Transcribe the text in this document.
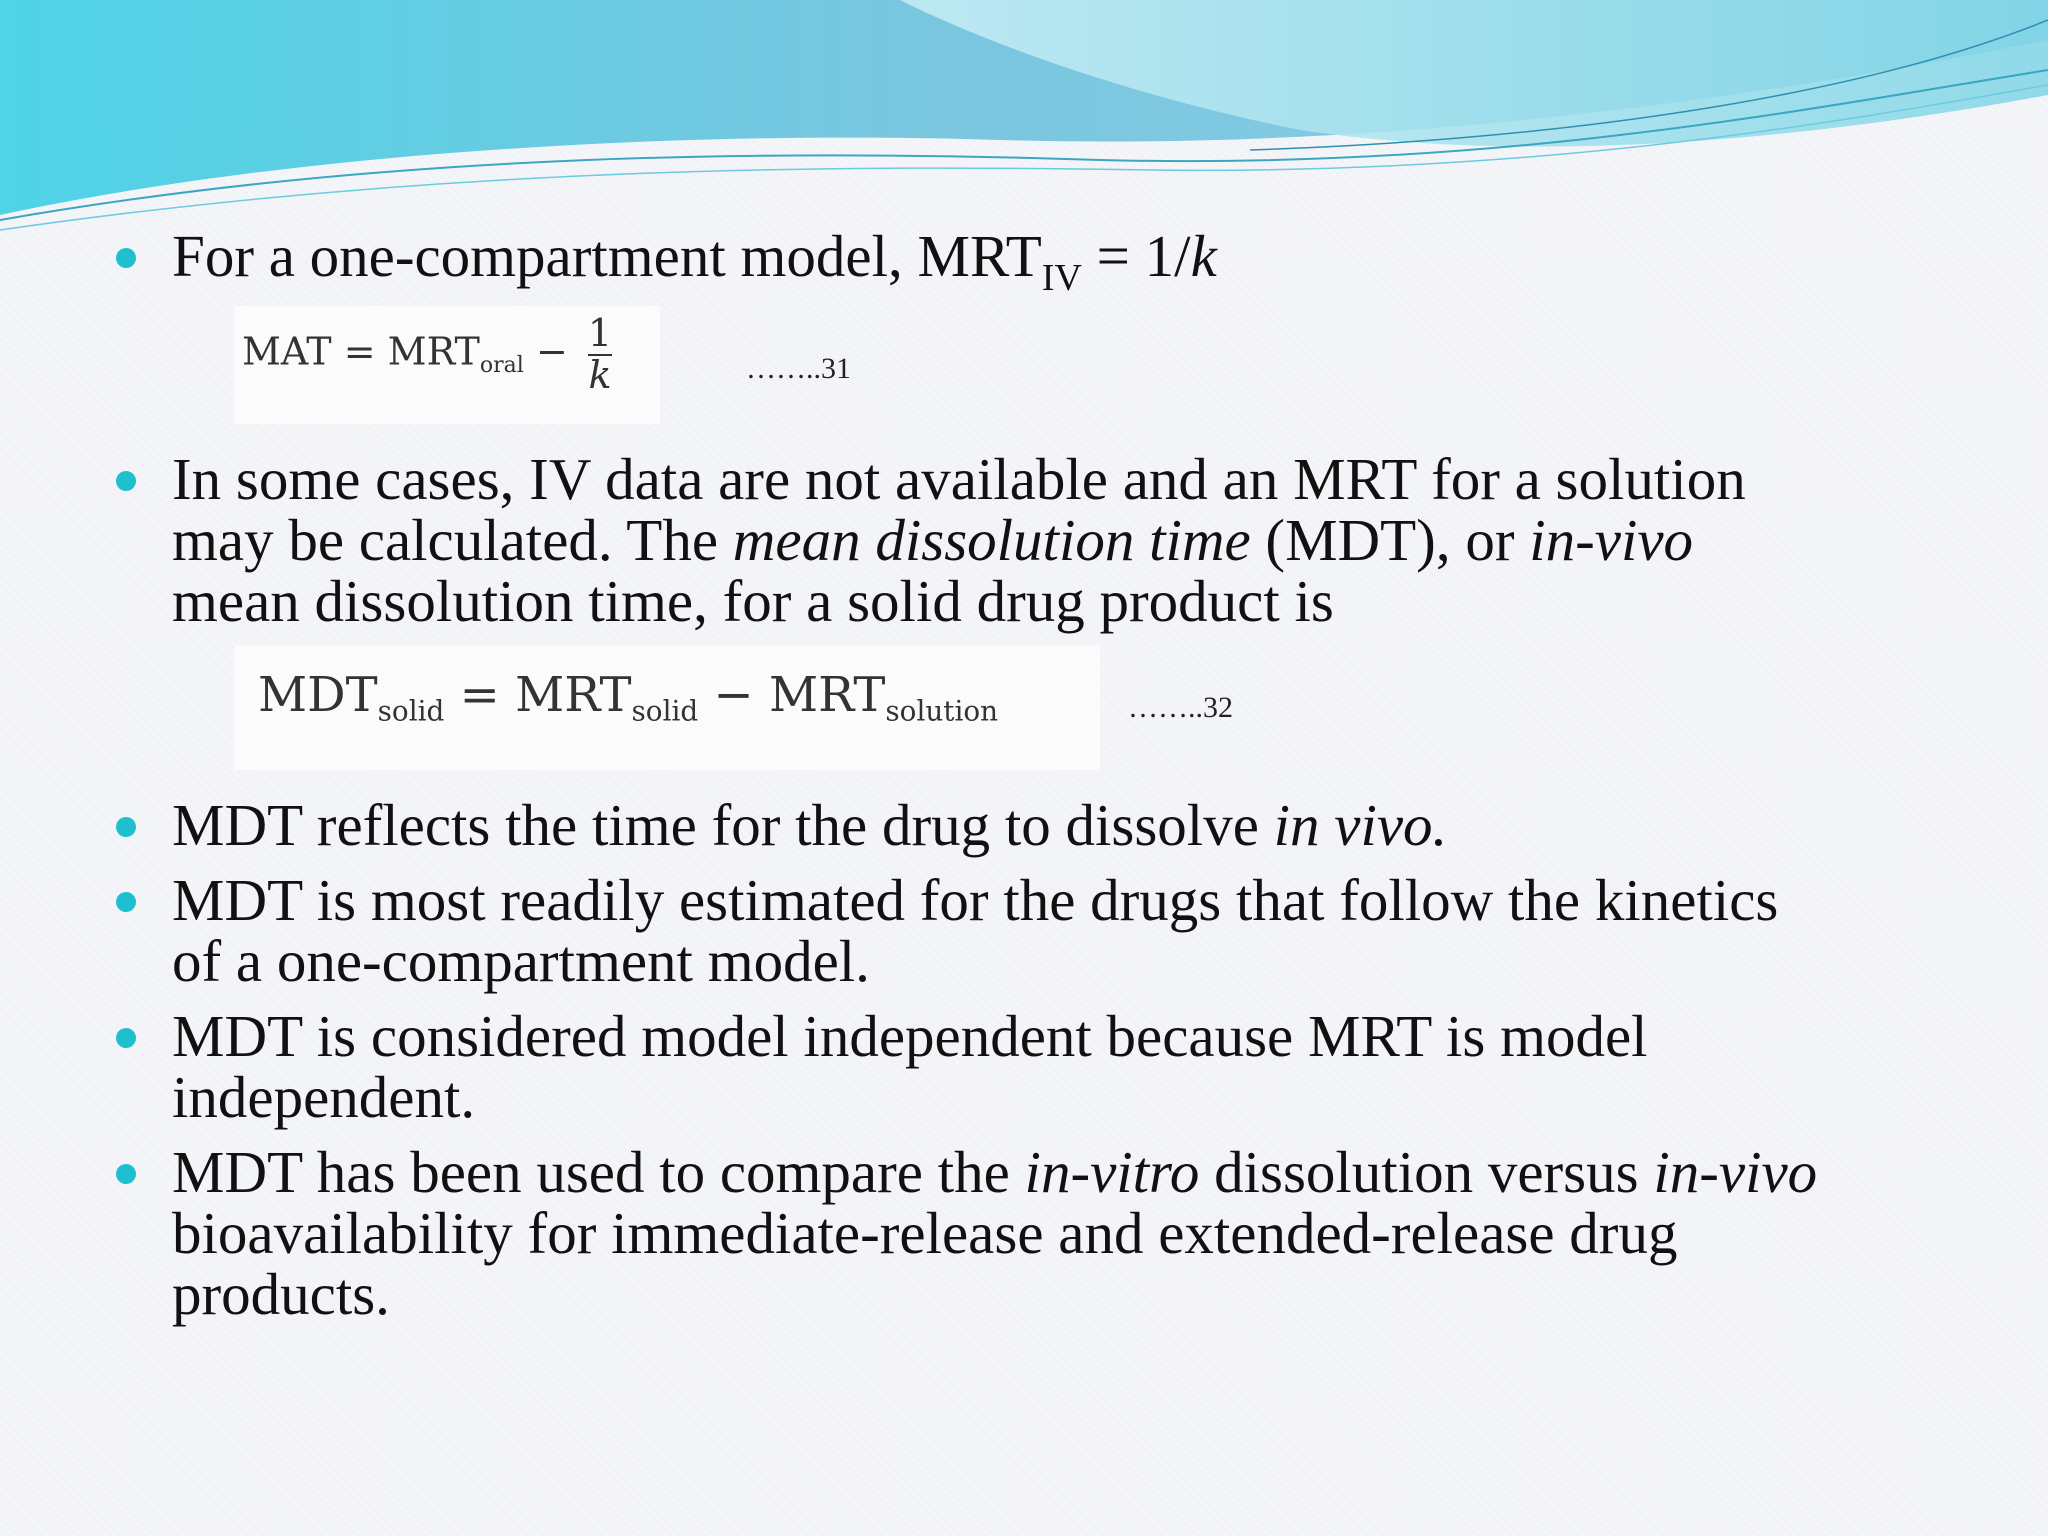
For a one-compartment model, $MRT_{IV} = 1/k$
MAT = $MRT_{oral} - \frac{1}{k}$	……..31
In some cases, IV data are not available and an MRT for a solution
may be calculated. The mean dissolution time (MDT), or in-vivo
mean dissolution time, for a solid drug product is
$MDT_{solid} = MRT_{solid} - MRT_{solution}$	……..32
MDT reflects the time for the drug to dissolve in vivo.
MDT is most readily estimated for the drugs that follow the kinetics
of a one-compartment model.
MDT is considered model independent because MRT is model
independent.
MDT has been used to compare the in-vitro dissolution versus in-vivo
bioavailability for immediate-release and extended-release drug
products.
